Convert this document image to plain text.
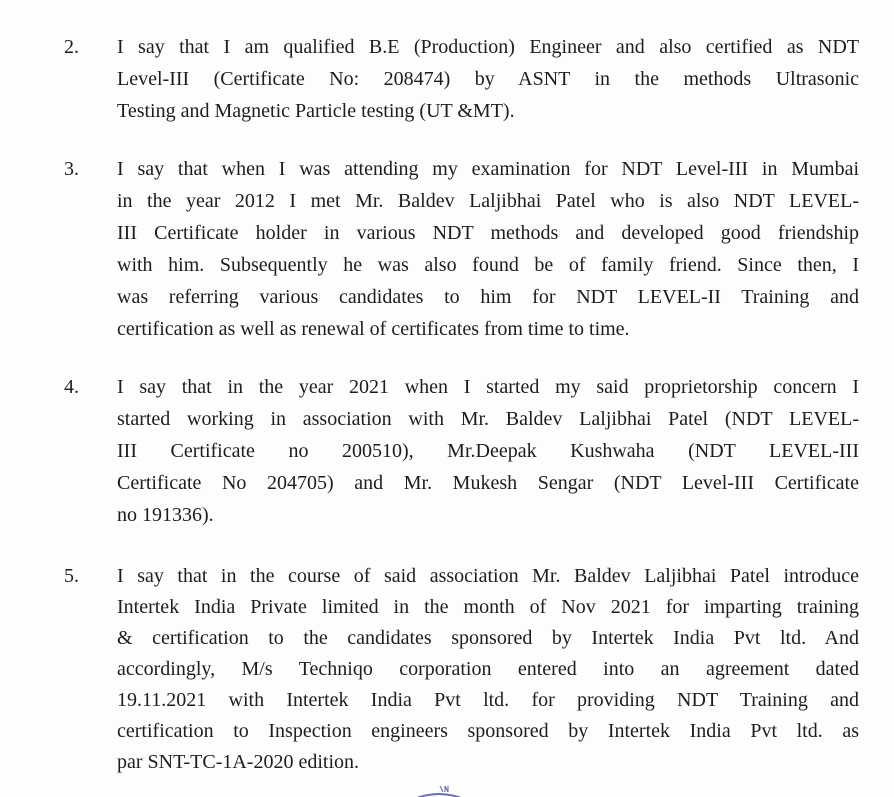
2. I say that I am qualified B.E (Production) Engineer and also certified as NDT
Level-III (Certificate No: 208474) by ASNT in the methods Ultrasonic
Testing and Magnetic Particle testing (UT &MT).
3. I say that when I was attending my examination for NDT Level-III in Mumbai
in the year 2012 I met Mr. Baldev Laljibhai Patel who is also NDT LEVEL-
III Certificate holder in various NDT methods and developed good friendship
with him. Subsequently he was also found be of family friend. Since then, I
was referring various candidates to him for NDT LEVEL-II Training and
certification as well as renewal of certificates from time to time.
4. I say that in the year 2021 when I started my said proprietorship concern I
started working in association with Mr. Baldev Laljibhai Patel (NDT LEVEL-
III Certificate no 200510), Mr.Deepak Kushwaha (NDT LEVEL-III
Certificate No 204705) and Mr. Mukesh Sengar (NDT Level-III Certificate
no 191336).
5. I say that in the course of said association Mr. Baldev Laljibhai Patel introduce
Intertek India Private limited in the month of Nov 2021 for imparting training
& certification to the candidates sponsored by Intertek India Pvt ltd. And
accordingly, M/s Techniqo corporation entered into an agreement dated
19.11.2021 with Intertek India Pvt ltd. for providing NDT Training and
certification to Inspection engineers sponsored by Intertek India Pvt ltd. as
par SNT-TC-1A-2020 edition.
